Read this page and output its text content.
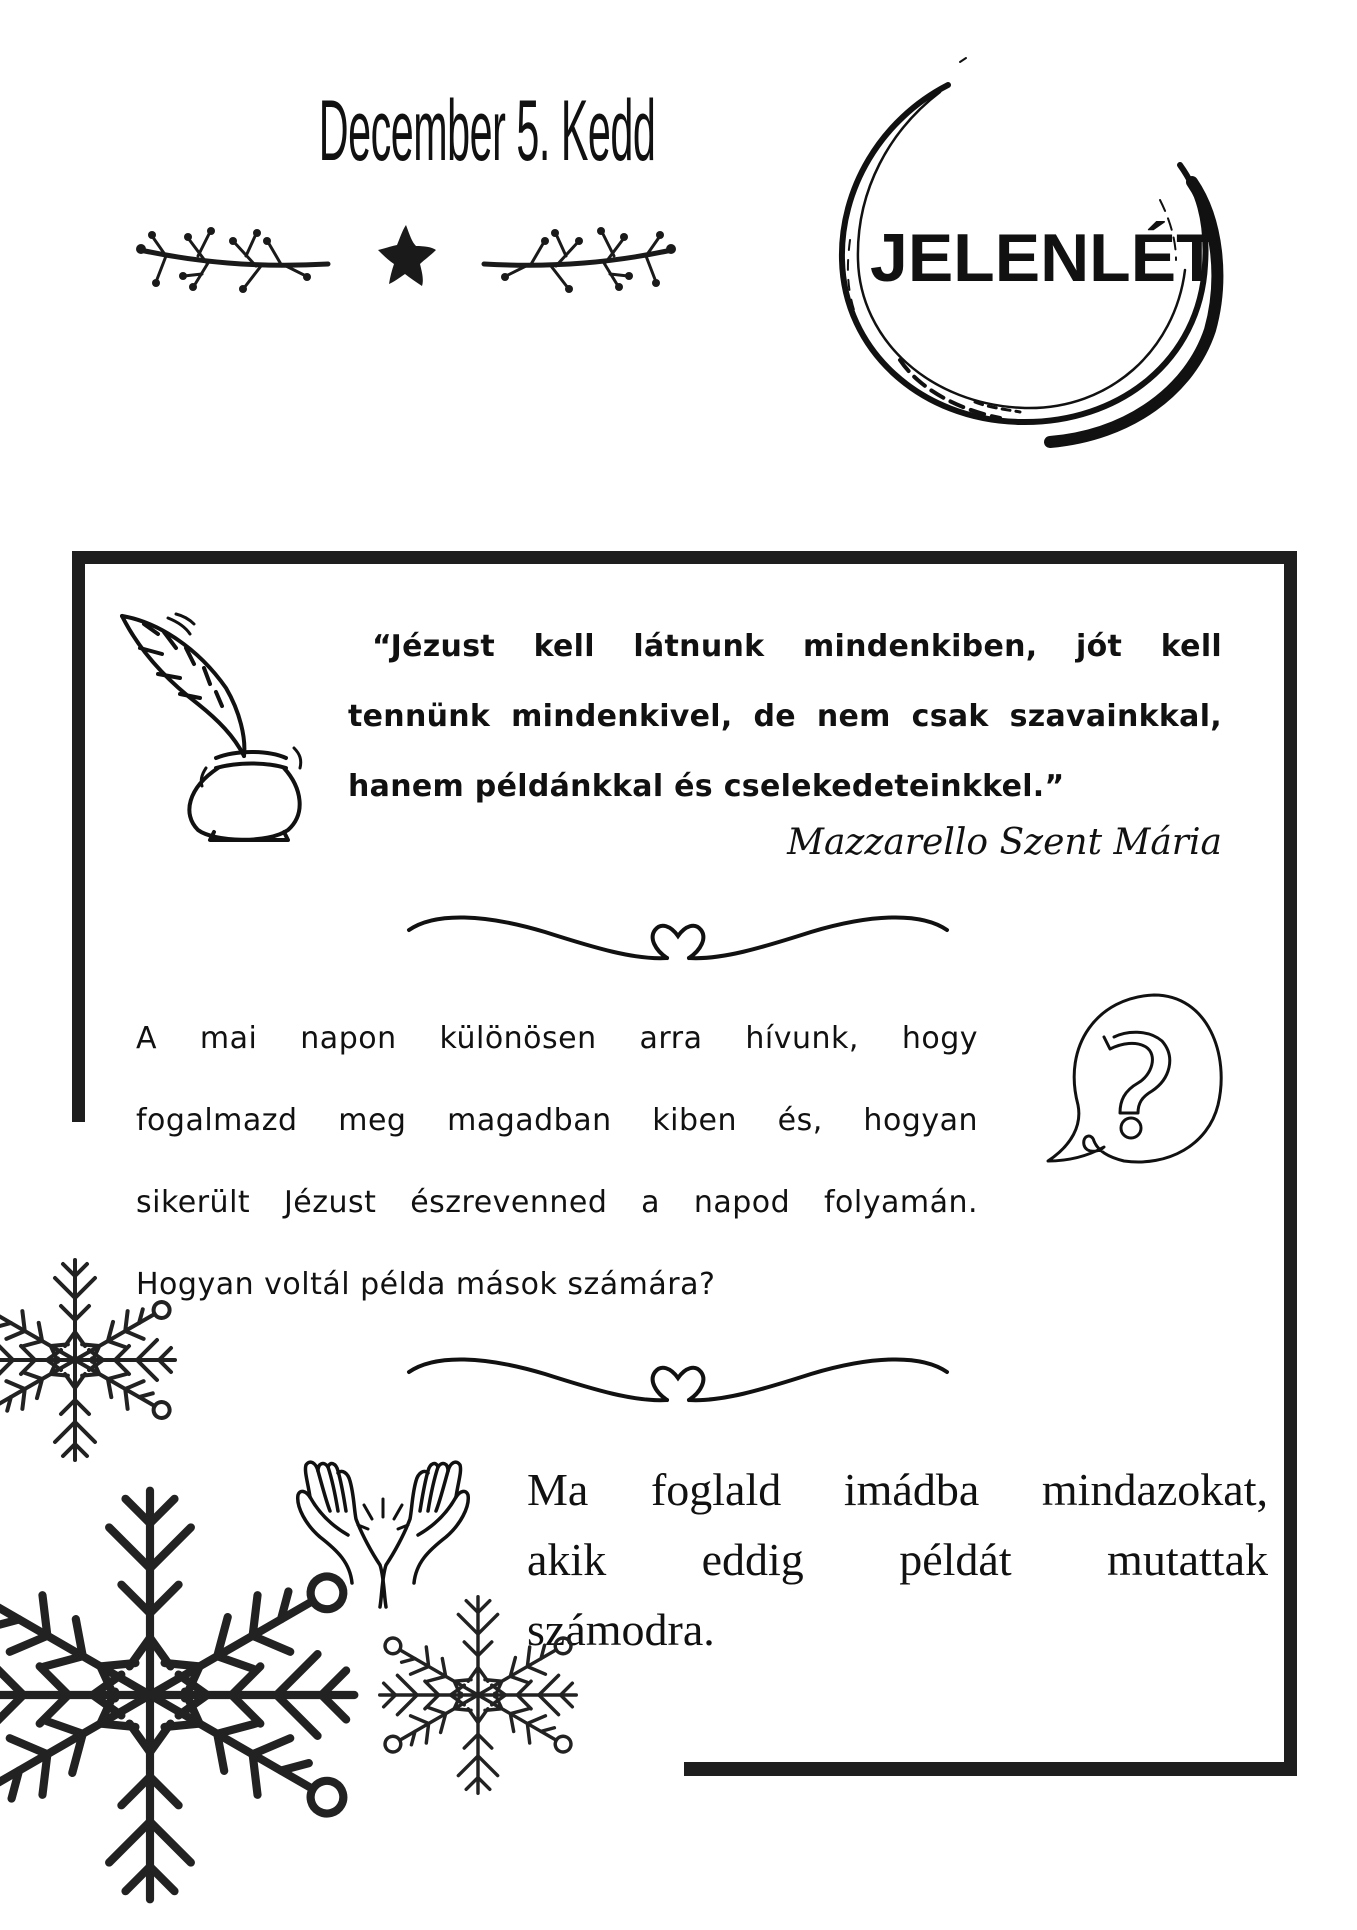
December 5. Kedd
JELENLÉT
“Jézust kell látnunk mindenkiben, jót kell
tennünk mindenkivel, de nem csak szavainkkal,
hanem példánkkal és cselekedeteinkkel.”
Mazzarello Szent Mária
A mai napon különösen arra hívunk, hogy
fogalmazd meg magadban kiben és, hogyan
sikerült Jézust észrevenned a napod folyamán.
Hogyan voltál példa mások számára?
Ma foglald imádba mindazokat,
akik eddig példát mutattak
számodra.
